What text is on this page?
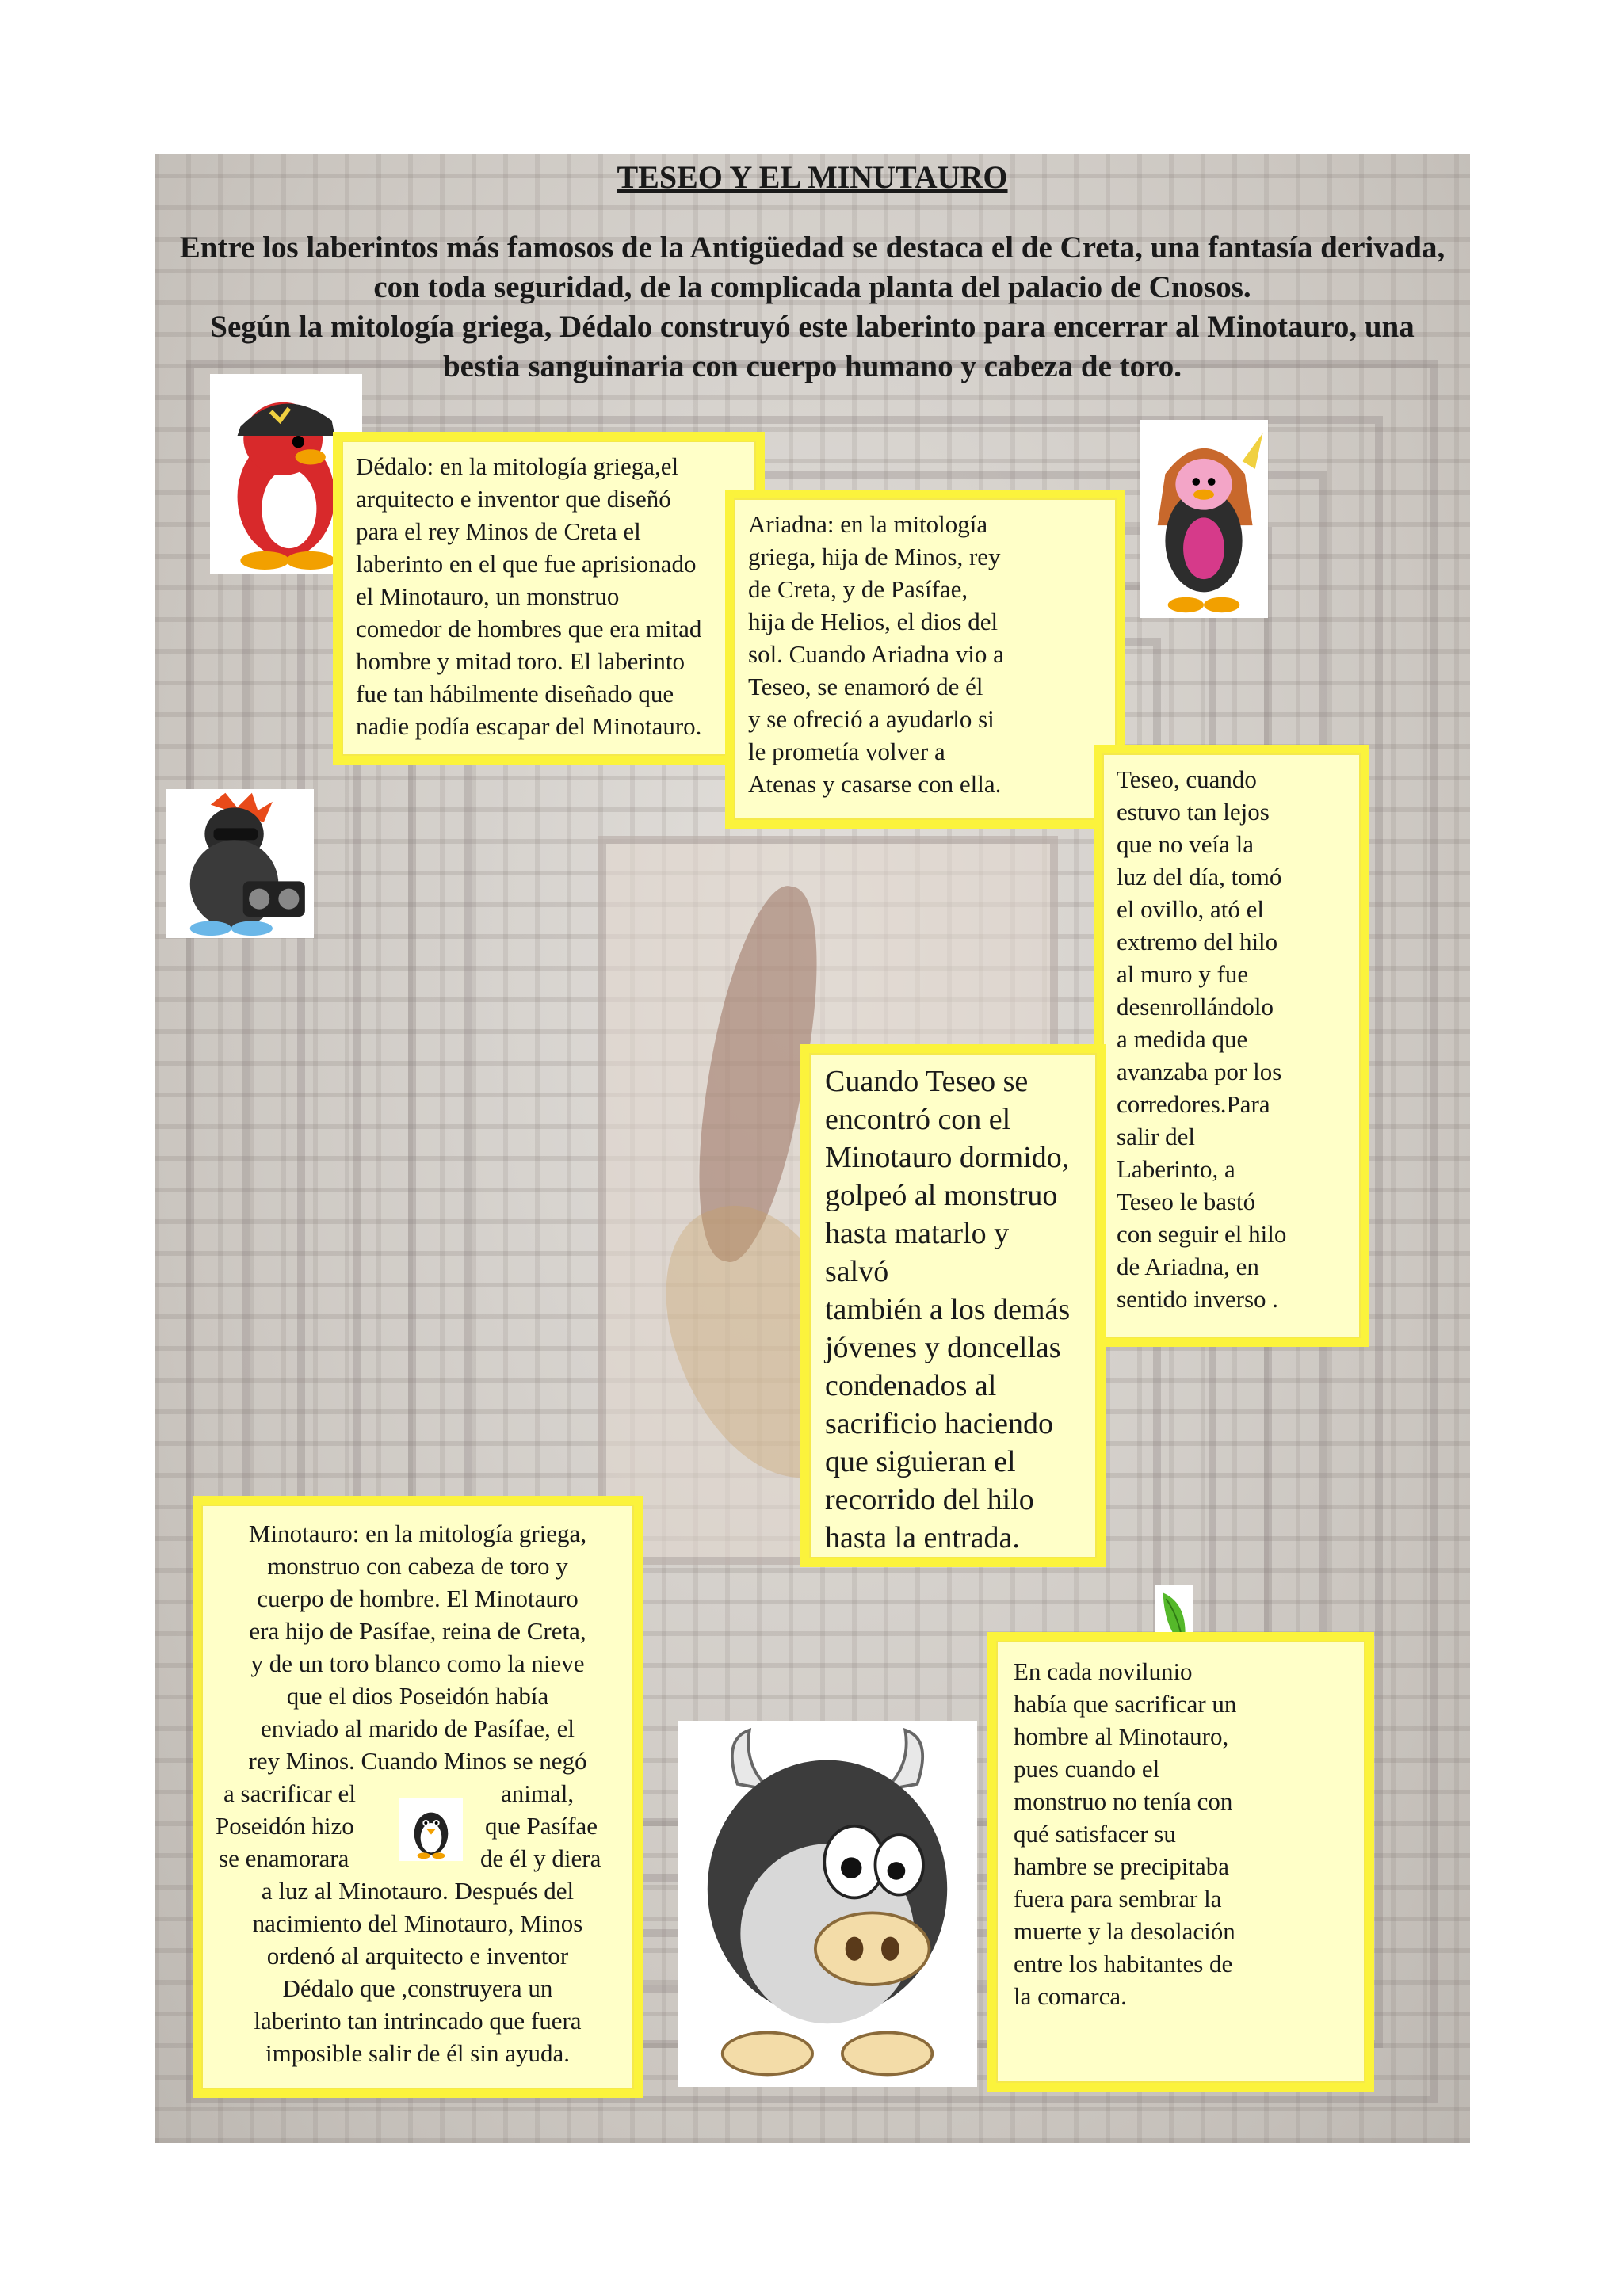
TESEO Y EL MINUTAURO

Entre los laberintos más famosos de la Antigüedad se destaca el de Creta, una fantasía derivada, con toda seguridad, de la complicada planta del palacio de Cnosos.

Según la mitología griega, Dédalo construyó este laberinto para encerrar al Minotauro, una bestia sanguinaria con cuerpo humano y cabeza de toro.

Dédalo: en la mitología griega,el
arquitecto e inventor que diseñó
para el rey Minos de Creta el
laberinto en el que fue aprisionado
el Minotauro, un monstruo
comedor de hombres que era mitad
hombre y mitad toro. El laberinto
fue tan hábilmente diseñado que
nadie podía escapar del Minotauro.
Ariadna: en la mitología
griega, hija de Minos, rey
de Creta, y de Pasífae,
hija de Helios, el dios del
sol. Cuando Ariadna vio a
Teseo, se enamoró de él
y se ofreció a ayudarlo si
le prometía volver a
Atenas y casarse con ella.	Teseo, cuando
estuvo tan lejos
que no veía la
luz del día, tomó
el ovillo, ató el
extremo del hilo
al muro y fue
desenrollándolo
a medida que
avanzaba por los
corredores.Para
salir del
Laberinto, a
Teseo le bastó
con seguir el hilo
de Ariadna, en
sentido inverso .
Cuando Teseo se
encontró con el
Minotauro dormido,
golpeó al monstruo
hasta matarlo y
salvó
también a los demás
jóvenes y doncellas
condenados al
sacrificio haciendo
que siguieran el
recorrido del hilo
hasta la entrada.
Minotauro: en la mitología griega,
monstruo con cabeza de toro y
cuerpo de hombre. El Minotauro
era hijo de Pasífae, reina de Creta,
y de un toro blanco como la nieve
que el dios Poseidón había
enviado al marido de Pasífae, el
rey Minos. Cuando Minos se negó
a sacrificar el	animal,
Poseidón hizo	que Pasífae
se enamorara	de él y diera
a luz al Minotauro. Después del
nacimiento del Minotauro, Minos
ordenó al arquitecto e inventor
Dédalo que ,construyera un
laberinto tan intrincado que fuera
imposible salir de él sin ayuda.
En cada novilunio
había que sacrificar un
hombre al Minotauro,
pues cuando el
monstruo no tenía con
qué satisfacer su
hambre se precipitaba
fuera para sembrar la
muerte y la desolación
entre los habitantes de
la comarca.
